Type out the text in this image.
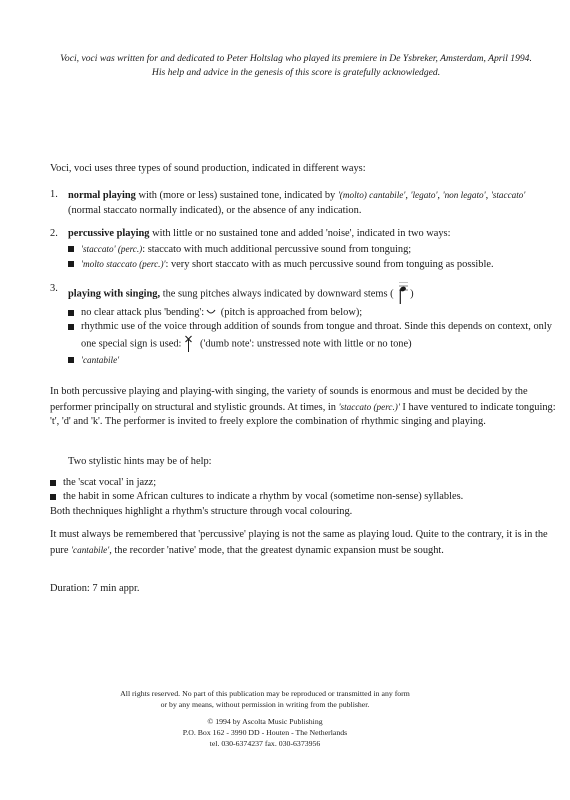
Voci, voci was written for and dedicated to Peter Holtslag who played its premiere in De Ysbreker, Amsterdam, April 1994.
His help and advice in the genesis of this score is gratefully acknowledged.

Voci, voci uses three types of sound production, indicated in different ways:

1. normal playing with (more or less) sustained tone, indicated by '(molto) cantabile', 'legato', 'non legato', 'staccato' (normal staccato normally indicated), or the absence of any indication.
2. percussive playing with little or no sustained tone and added 'noise', indicated in two ways:
'staccato' (perc.): staccato with much additional percussive sound from tonguing;
'molto staccato (perc.)': very short staccato with as much percussive sound from tonguing as possible.
3. playing with singing, the sung pitches always indicated by downward stems ( )
no clear attack plus 'bending': (pitch is approached from below);
rhythmic use of the voice through addition of sounds from tongue and throat. Sinde this depends on context, only one special sign is used: ('dumb note': unstressed note with little or no tone)
'cantabile'

In both percussive playing and playing-with singing, the variety of sounds is enormous and must be decided by the performer principally on structural and stylistic grounds. At times, in 'staccato (perc.)' I have ventured to indicate tonguing: 't', 'd' and 'k'. The performer is invited to freely explore the combination of rhythmic singing and playing.

Two stylistic hints may be of help:

the 'scat vocal' in jazz;
the habit in some African cultures to indicate a rhythm by vocal (sometime non-sense) syllables.

Both thechniques highlight a rhythm's structure through vocal colouring.

It must always be remembered that 'percussive' playing is not the same as playing loud. Quite to the contrary, it is in the pure 'cantabile', the recorder 'native' mode, that the greatest dynamic expansion must be sought.

Duration: 7 min appr.

All rights reserved. No part of this publication may be reproduced or transmitted in any form
or by any means, without permission in writing from the publisher.
© 1994 by Ascolta Music Publishing
P.O. Box 162 - 3990 DD - Houten - The Netherlands
tel. 030-6374237 fax. 030-6373956
